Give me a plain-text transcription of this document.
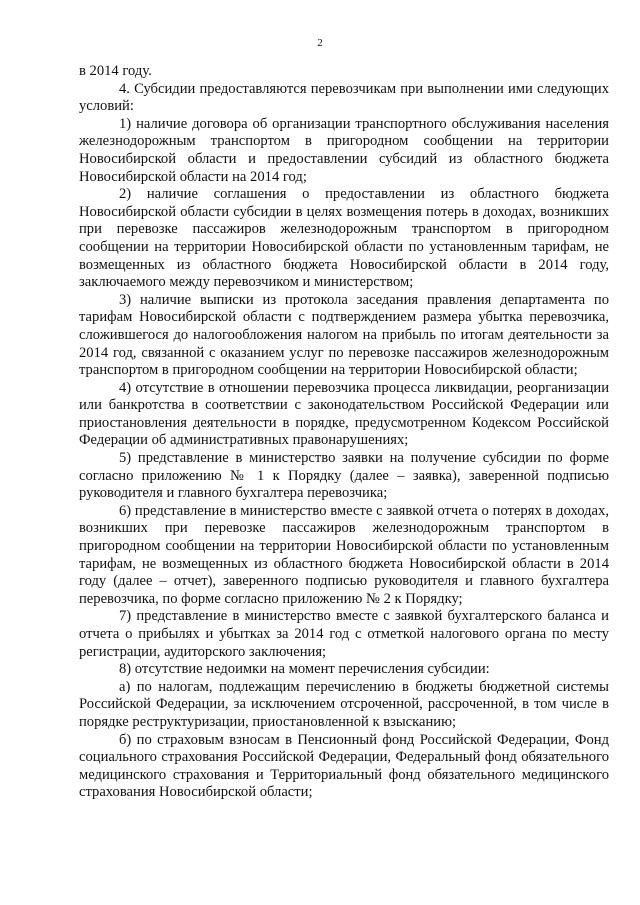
2

в 2014 году.

4. Субсидии предоставляются перевозчикам при выполнении ими следующих условий:

1) наличие договора об организации транспортного обслуживания населения железнодорожным транспортом в пригородном сообщении на территории Новосибирской области и предоставлении субсидий из областного бюджета Новосибирской области на 2014 год;

2) наличие соглашения о предоставлении из областного бюджета Новосибирской области субсидии в целях возмещения потерь в доходах, возникших при перевозке пассажиров железнодорожным транспортом в пригородном сообщении на территории Новосибирской области по установленным тарифам, не возмещенных из областного бюджета Новосибирской области в 2014 году, заключаемого между перевозчиком и министерством;

3) наличие выписки из протокола заседания правления департамента по тарифам Новосибирской области с подтверждением размера убытка перевозчика, сложившегося до налогообложения налогом на прибыль по итогам деятельности за 2014 год, связанной с оказанием услуг по перевозке пассажиров железнодорожным транспортом в пригородном сообщении на территории Новосибирской области;

4) отсутствие в отношении перевозчика процесса ликвидации, реорганизации или банкротства в соответствии с законодательством Российской Федерации или приостановления деятельности в порядке, предусмотренном Кодексом Российской Федерации об административных правонарушениях;

5) представление в министерство заявки на получение субсидии по форме согласно приложению № 1 к Порядку (далее – заявка), заверенной подписью руководителя и главного бухгалтера перевозчика;

6) представление в министерство вместе с заявкой отчета о потерях в доходах, возникших при перевозке пассажиров железнодорожным транспортом в пригородном сообщении на территории Новосибирской области по установленным тарифам, не возмещенных из областного бюджета Новосибирской области в 2014 году (далее – отчет), заверенного подписью руководителя и главного бухгалтера перевозчика, по форме согласно приложению № 2 к Порядку;

7) представление в министерство вместе с заявкой бухгалтерского баланса и отчета о прибылях и убытках за 2014 год с отметкой налогового органа по месту регистрации, аудиторского заключения;

8) отсутствие недоимки на момент перечисления субсидии:

а) по налогам, подлежащим перечислению в бюджеты бюджетной системы Российской Федерации, за исключением отсроченной, рассроченной, в том числе в порядке реструктуризации, приостановленной к взысканию;

б) по страховым взносам в Пенсионный фонд Российской Федерации, Фонд социального страхования Российской Федерации, Федеральный фонд обязательного медицинского страхования и Территориальный фонд обязательного медицинского страхования Новосибирской области;
